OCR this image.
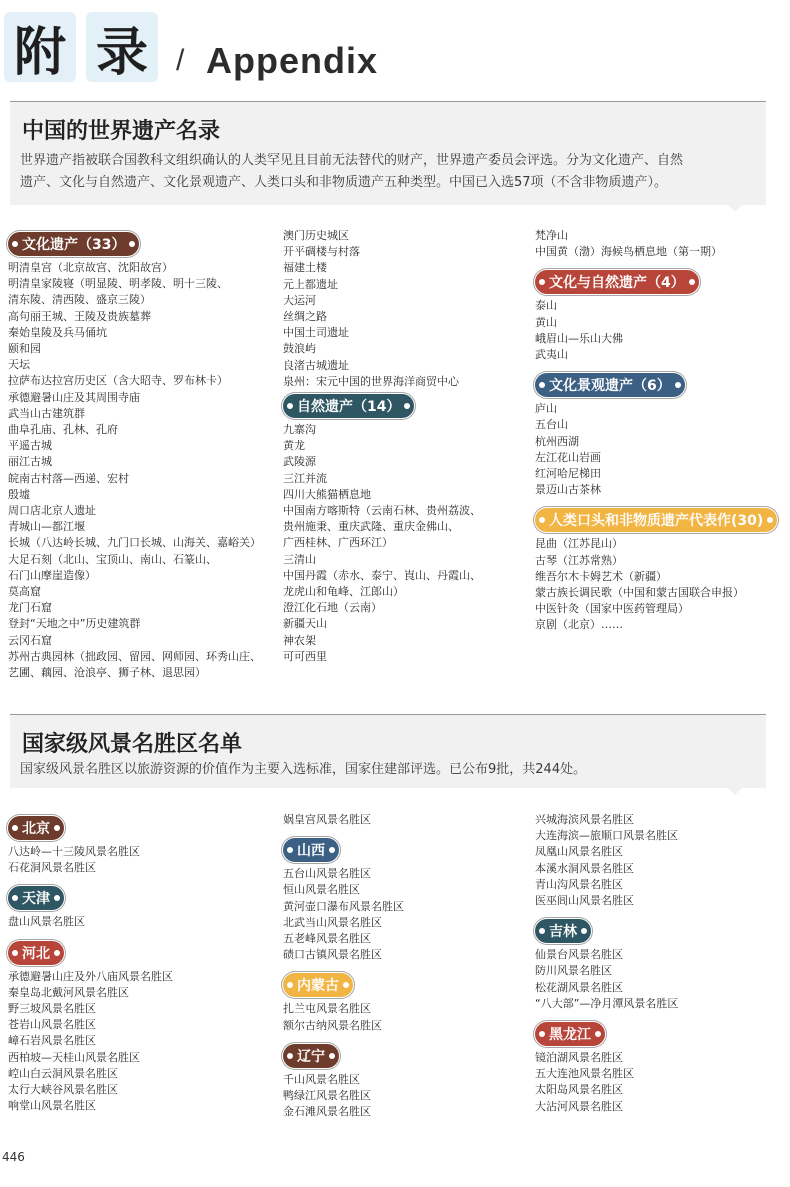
附 录 / Appendix
中国的世界遗产名录
世界遗产指被联合国教科文组织确认的人类罕见且目前无法替代的财产，世界遗产委员会评选。分为文化遗产、自然
遗产、文化与自然遗产、文化景观遗产、人类口头和非物质遗产五种类型。中国已入选57项（不含非物质遗产）。
文化遗产（33）
明清皇宫（北京故宫、沈阳故宫）
明清皇家陵寝（明显陵、明孝陵、明十三陵、
清东陵、清西陵、盛京三陵）
高句丽王城、王陵及贵族墓葬
秦始皇陵及兵马俑坑
颐和园
天坛
拉萨布达拉宫历史区（含大昭寺、罗布林卡）
承德避暑山庄及其周围寺庙
武当山古建筑群
曲阜孔庙、孔林、孔府
平遥古城
丽江古城
皖南古村落—西递、宏村
殷墟
周口店北京人遗址
青城山—都江堰
长城（八达岭长城、九门口长城、山海关、嘉峪关）
大足石刻（北山、宝顶山、南山、石篆山、
石门山摩崖造像）
莫高窟
龙门石窟
登封“天地之中”历史建筑群
云冈石窟
苏州古典园林（拙政园、留园、网师园、环秀山庄、
艺圃、藕园、沧浪亭、狮子林、退思园）
澳门历史城区
开平碉楼与村落
福建土楼
元上都遗址
大运河
丝绸之路
中国土司遗址
鼓浪屿
良渚古城遗址
泉州：宋元中国的世界海洋商贸中心
自然遗产（14）
九寨沟
黄龙
武陵源
三江并流
四川大熊猫栖息地
中国南方喀斯特（云南石林、贵州荔波、
贵州施秉、重庆武隆、重庆金佛山、
广西桂林、广西环江）
三清山
中国丹霞（赤水、泰宁、崀山、丹霞山、
龙虎山和龟峰、江郎山）
澄江化石地（云南）
新疆天山
神农架
可可西里
梵净山
中国黄（渤）海候鸟栖息地（第一期）
文化与自然遗产（4）
泰山
黄山
峨眉山—乐山大佛
武夷山
文化景观遗产（6）
庐山
五台山
杭州西湖
左江花山岩画
红河哈尼梯田
景迈山古茶林
人类口头和非物质遗产代表作(30)
昆曲（江苏昆山）
古琴（江苏常熟）
维吾尔木卡姆艺术（新疆）
蒙古族长调民歌（中国和蒙古国联合申报）
中医针灸（国家中医药管理局）
京剧（北京）……
国家级风景名胜区名单
国家级风景名胜区以旅游资源的价值作为主要入选标准，国家住建部评选。已公布9批，共244处。
北京
八达岭—十三陵风景名胜区
石花洞风景名胜区
天津
盘山风景名胜区
河北
承德避暑山庄及外八庙风景名胜区
秦皇岛北戴河风景名胜区
野三坡风景名胜区
苍岩山风景名胜区
嶂石岩风景名胜区
西柏坡—天桂山风景名胜区
崆山白云洞风景名胜区
太行大峡谷风景名胜区
响堂山风景名胜区
娲皇宫风景名胜区
山西
五台山风景名胜区
恒山风景名胜区
黄河壶口瀑布风景名胜区
北武当山风景名胜区
五老峰风景名胜区
碛口古镇风景名胜区
内蒙古
扎兰屯风景名胜区
额尔古纳风景名胜区
辽宁
千山风景名胜区
鸭绿江风景名胜区
金石滩风景名胜区
兴城海滨风景名胜区
大连海滨—旅顺口风景名胜区
凤凰山风景名胜区
本溪水洞风景名胜区
青山沟风景名胜区
医巫闾山风景名胜区
吉林
仙景台风景名胜区
防川风景名胜区
松花湖风景名胜区
“八大部”—净月潭风景名胜区
黑龙江
镜泊湖风景名胜区
五大连池风景名胜区
太阳岛风景名胜区
大沾河风景名胜区
446
